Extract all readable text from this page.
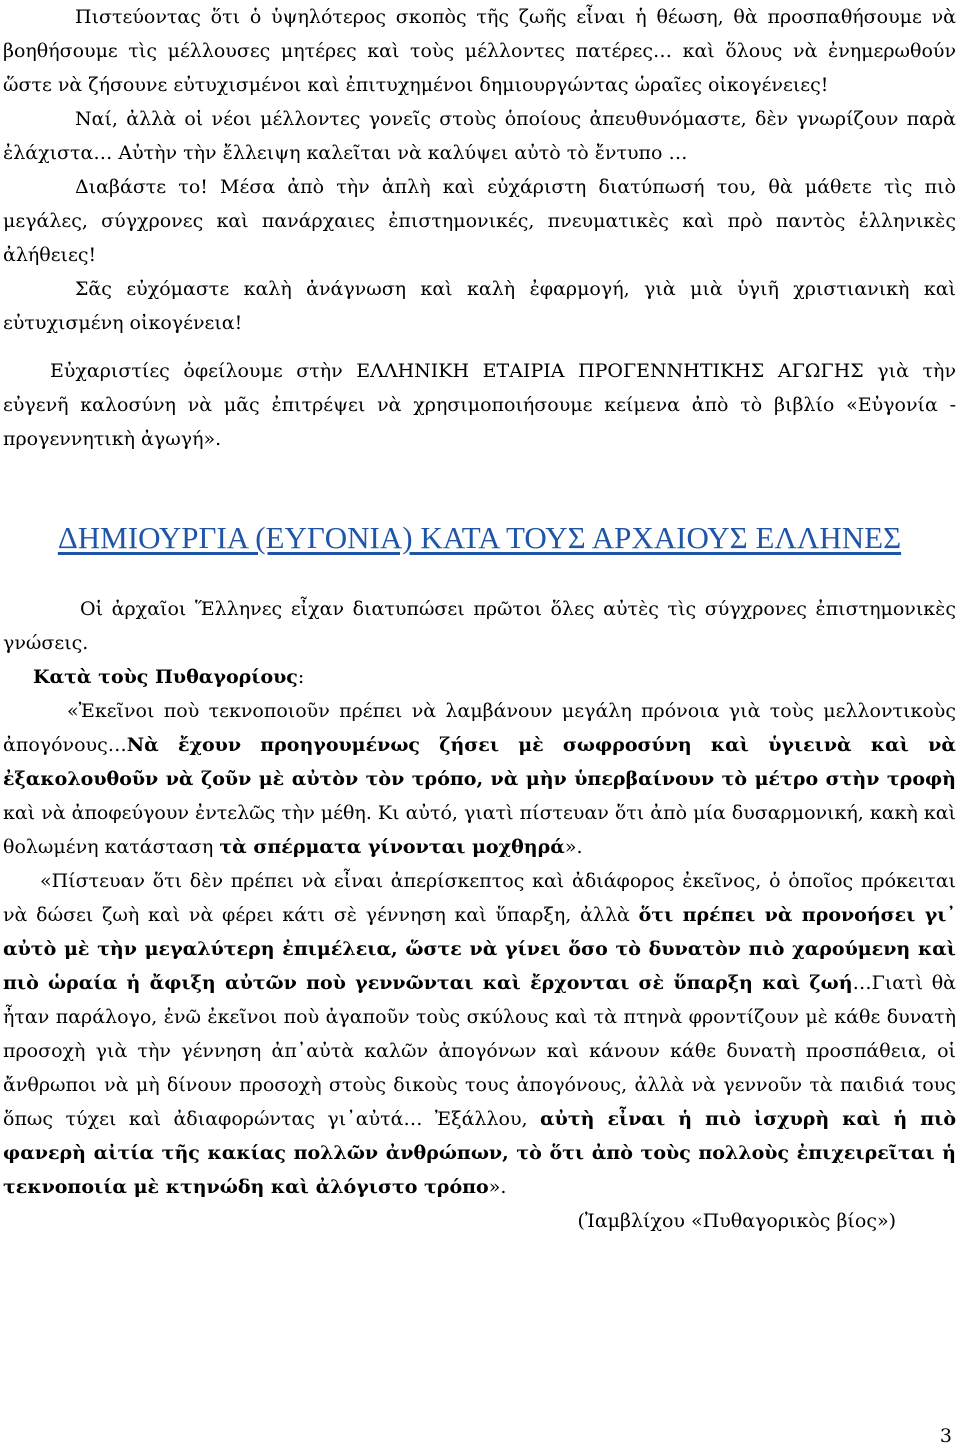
Πιστεύοντας ὅτι ὁ ὑψηλότερος σκοπὸς τῆς ζωῆς εἶναι ἡ θέωση, θὰ προσπαθήσουμε νὰ βοηθήσουμε τὶς μέλλουσες μητέρες καὶ τοὺς μέλλοντες πατέρες… καὶ ὅλους νὰ ἐνημερωθούν ὥστε νὰ ζήσουνε εὐτυχισμένοι καὶ ἐπιτυχημένοι δημιουργώντας ὡραῖες οἰκογένειες!

Ναί, ἀλλὰ οἱ νέοι μέλλοντες γονεῖς στοὺς ὁποίους ἀπευθυνόμαστε, δὲν γνωρίζουν παρὰ ἐλάχιστα… Αὐτὴν τὴν ἔλλειψη καλεῖται νὰ καλύψει αὐτὸ τὸ ἔντυπο …

Διαβάστε το! Μέσα ἀπὸ τὴν ἁπλὴ καὶ εὐχάριστη διατύπωσή του, θὰ μάθετε τὶς πιὸ μεγάλες, σύγχρονες καὶ πανάρχαιες ἐπιστημονικές, πνευματικὲς καὶ πρὸ παντὸς ἑλληνικὲς ἀλήθειες!

Σᾶς εὐχόμαστε καλὴ ἀνάγνωση καὶ καλὴ ἐφαρμογή, γιὰ μιὰ ὑγιῆ χριστιανικὴ καὶ εὐτυχισμένη οἰκογένεια!

Εὐχαριστίες ὀφείλουμε στὴν ΕΛΛΗΝΙΚΗ ΕΤΑΙΡΙΑ ΠΡΟΓΕΝΝΗΤΙΚΗΣ ΑΓΩΓΗΣ γιὰ τὴν εὐγενῆ καλοσύνη νὰ μᾶς ἐπιτρέψει νὰ χρησιμοποιήσουμε κείμενα ἀπὸ τὸ βιβλίο «Εὐγονία - προγεννητικὴ ἀγωγή».

ΔΗΜΙΟΥΡΓΙΑ (ΕΥΓΟΝΙΑ) ΚΑΤΑ ΤΟΥΣ ΑΡΧΑΙΟΥΣ ΕΛΛΗΝΕΣ

Οἱ ἀρχαῖοι Ἕλληνες εἶχαν διατυπώσει πρῶτοι ὅλες αὐτὲς τὶς σύγχρονες ἐπιστημονικὲς γνώσεις.

Κατὰ τοὺς Πυθαγορίους:

«Ἐκεῖνοι ποὺ τεκνοποιοῦν πρέπει νὰ λαμβάνουν μεγάλη πρόνοια γιὰ τοὺς μελλοντικοὺς ἀπογόνους…Νὰ ἔχουν προηγουμένως ζήσει μὲ σωφροσύνη καὶ ὑγιεινὰ καὶ νὰ ἐξακολουθοῦν νὰ ζοῦν μὲ αὐτὸν τὸν τρόπο, νὰ μὴν ὑπερβαίνουν τὸ μέτρο στὴν τροφὴ καὶ νὰ ἀποφεύγουν ἐντελῶς τὴν μέθη. Κι αὐτό, γιατὶ πίστευαν ὅτι ἀπὸ μία δυσαρμονική, κακὴ καὶ θολωμένη κατάσταση τὰ σπέρματα γίνονται μοχθηρά».

«Πίστευαν ὅτι δὲν πρέπει νὰ εἶναι ἀπερίσκεπτος καὶ ἀδιάφορος ἐκεῖνος, ὁ ὁποῖος πρόκειται νὰ δώσει ζωὴ καὶ νὰ φέρει κάτι σὲ γέννηση καὶ ὕπαρξη, ἀλλὰ ὅτι πρέπει νὰ προνοήσει γι᾽ αὐτὸ μὲ τὴν μεγαλύτερη ἐπιμέλεια, ὥστε νὰ γίνει ὅσο τὸ δυνατὸν πιὸ χαρούμενη καὶ πιὸ ὡραία ἡ ἄφιξη αὐτῶν ποὺ γεννῶνται καὶ ἔρχονται σὲ ὕπαρξη καὶ ζωή…Γιατὶ θὰ ἦταν παράλογο, ἐνῶ ἐκεῖνοι ποὺ ἀγαποῦν τοὺς σκύλους καὶ τὰ πτηνὰ φροντίζουν μὲ κάθε δυνατὴ προσοχὴ γιὰ τὴν γέννηση ἀπ᾽αὐτὰ καλῶν ἀπογόνων καὶ κάνουν κάθε δυνατὴ προσπάθεια, οἱ ἄνθρωποι νὰ μὴ δίνουν προσοχὴ στοὺς δικοὺς τους ἀπογόνους, ἀλλὰ νὰ γεννοῦν τὰ παιδιά τους ὅπως τύχει καὶ ἀδιαφορώντας γι᾽αὐτά… Ἐξάλλου, αὐτὴ εἶναι ἡ πιὸ ἰσχυρὴ καὶ ἡ πιὸ φανερὴ αἰτία τῆς κακίας πολλῶν ἀνθρώπων, τὸ ὅτι ἀπὸ τοὺς πολλοὺς ἐπιχειρεῖται ἡ τεκνοποιία μὲ κτηνώδη καὶ ἀλόγιστο τρόπο».

(Ἰαμβλίχου «Πυθαγορικὸς βίος»)

3
